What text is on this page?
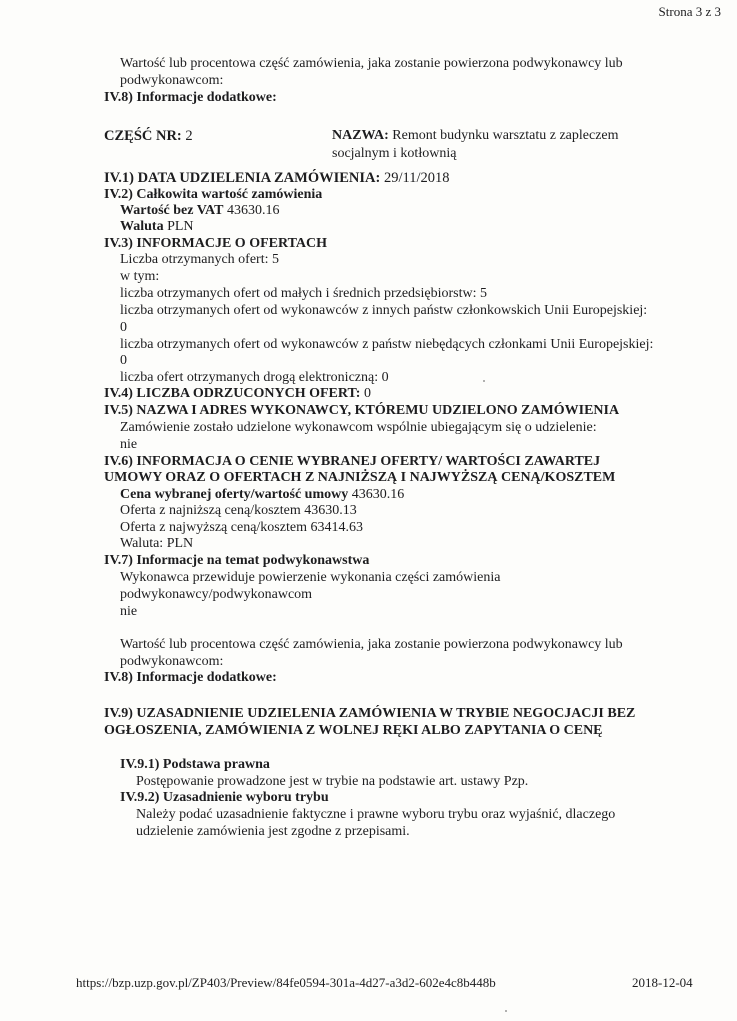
Strona 3 z 3
Wartość lub procentowa część zamówienia, jaka zostanie powierzona podwykonawcy lub
podwykonawcom:
IV.8) Informacje dodatkowe:
CZĘŚĆ NR: 2	NAZWA: Remont budynku warsztatu z zapleczem
socjalnym i kotłownią
IV.1) DATA UDZIELENIA ZAMÓWIENIA: 29/11/2018
IV.2) Całkowita wartość zamówienia
Wartość bez VAT 43630.16
Waluta PLN
IV.3) INFORMACJE O OFERTACH
Liczba otrzymanych ofert: 5
w tym:
liczba otrzymanych ofert od małych i średnich przedsiębiorstw: 5
liczba otrzymanych ofert od wykonawców z innych państw członkowskich Unii Europejskiej:
0
liczba otrzymanych ofert od wykonawców z państw niebędących członkami Unii Europejskiej:
0
liczba ofert otrzymanych drogą elektroniczną: 0
IV.4) LICZBA ODRZUCONYCH OFERT: 0
IV.5) NAZWA I ADRES WYKONAWCY, KTÓREMU UDZIELONO ZAMÓWIENIA
Zamówienie zostało udzielone wykonawcom wspólnie ubiegającym się o udzielenie:
nie
IV.6) INFORMACJA O CENIE WYBRANEJ OFERTY/ WARTOŚCI ZAWARTEJ
UMOWY ORAZ O OFERTACH Z NAJNIŻSZĄ I NAJWYŻSZĄ CENĄ/KOSZTEM
Cena wybranej oferty/wartość umowy 43630.16
Oferta z najniższą ceną/kosztem 43630.13
Oferta z najwyższą ceną/kosztem 63414.63
Waluta: PLN
IV.7) Informacje na temat podwykonawstwa
Wykonawca przewiduje powierzenie wykonania części zamówienia
podwykonawcy/podwykonawcom
nie
Wartość lub procentowa część zamówienia, jaka zostanie powierzona podwykonawcy lub
podwykonawcom:
IV.8) Informacje dodatkowe:
IV.9) UZASADNIENIE UDZIELENIA ZAMÓWIENIA W TRYBIE NEGOCJACJI BEZ
OGŁOSZENIA, ZAMÓWIENIA Z WOLNEJ RĘKI ALBO ZAPYTANIA O CENĘ
IV.9.1) Podstawa prawna
Postępowanie prowadzone jest w trybie na podstawie art. ustawy Pzp.
IV.9.2) Uzasadnienie wyboru trybu
Należy podać uzasadnienie faktyczne i prawne wyboru trybu oraz wyjaśnić, dlaczego
udzielenie zamówienia jest zgodne z przepisami.
https://bzp.uzp.gov.pl/ZP403/Preview/84fe0594-301a-4d27-a3d2-602e4c8b448b	2018-12-04
